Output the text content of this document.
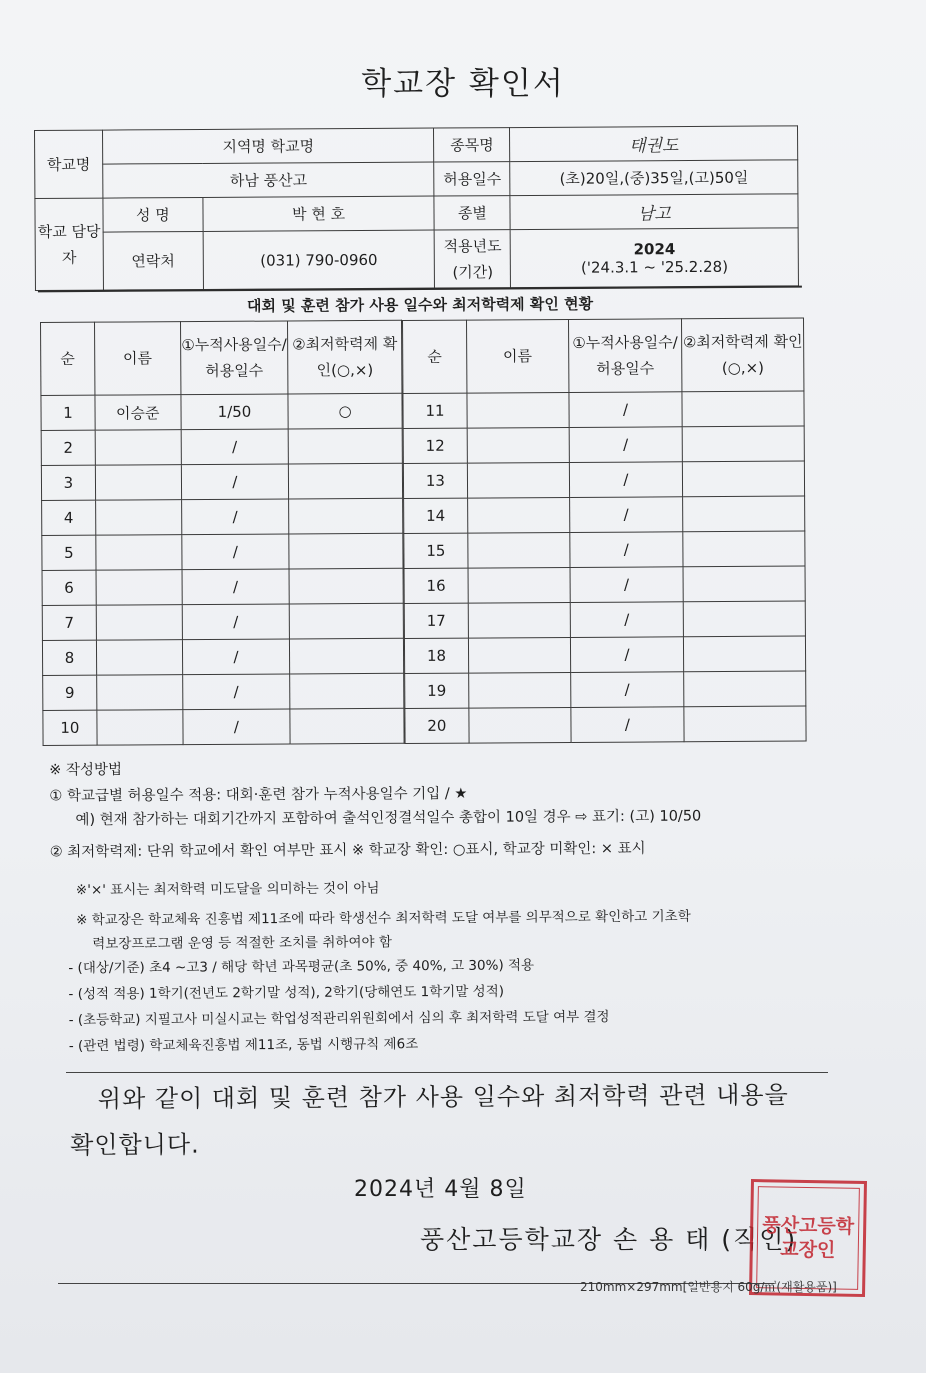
학교장 확인서
학교명	지역명 학교명		종목명	태권도
	하남 풍산고		허용일수	(초)20일,(중)35일,(고)50일
학교 담당자	성 명	박 현 호	종별	남고
	연락처	(031) 790-0960	적용년도 (기간)	2024
('24.3.1 ~ '25.2.28)
대회 및 훈련 참가 사용 일수와 최저학력제 확인 현황
순	이름	①누적사용일수/허용일수	②최저학력제 확인(○,×)
1	이승준	1/50	○
2		/	
3		/	
4		/	
5		/	
6		/	
7		/	
8		/	
9		/	
10		/	
순	이름	①누적사용일수/허용일수	②최저학력제 확인(○,×)
11		/	
12		/	
13		/	
14		/	
15		/	
16		/	
17		/	
18		/	
19		/	
20		/	

※ 작성방법

① 학교급별 허용일수 적용: 대회·훈련 참가 누적사용일수 기입 / ★

예) 현재 참가하는 대회기간까지 포함하여 출석인정결석일수 총합이 10일 경우 ⇨ 표기: (고) 10/50

② 최저학력제: 단위 학교에서 확인 여부만 표시 ※ 학교장 확인: ○표시, 학교장 미확인: × 표시

※'×' 표시는 최저학력 미도달을 의미하는 것이 아님

※ 학교장은 학교체육 진흥법 제11조에 따라 학생선수 최저학력 도달 여부를 의무적으로 확인하고 기초학

력보장프로그램 운영 등 적절한 조치를 취하여야 함

- (대상/기준) 초4 ~고3 / 해당 학년 과목평균(초 50%, 중 40%, 고 30%) 적용

- (성적 적용) 1학기(전년도 2학기말 성적), 2학기(당해연도 1학기말 성적)

- (초등학교) 지필고사 미실시교는 학업성적관리위원회에서 심의 후 최저학력 도달 여부 결정

- (관련 법령) 학교체육진흥법 제11조, 동법 시행규칙 제6조

위와 같이 대회 및 훈련 참가 사용 일수와 최저학력 관련 내용을
확인합니다.
2024년 4월 8일
풍산고등학교장 손 용 태 (직인)
풍산고등학교장인
210mm×297mm[일반용지 60g/㎡(재활용품)]
